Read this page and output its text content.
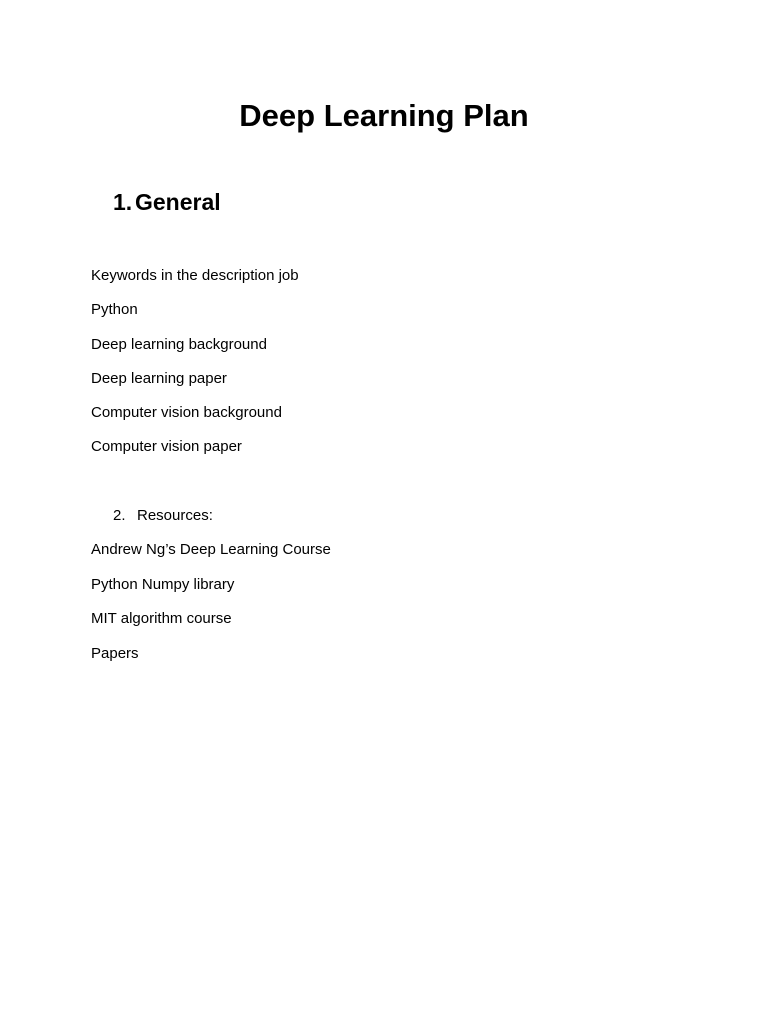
Deep Learning Plan
1. General
Keywords in the description job
Python
Deep learning background
Deep learning paper
Computer vision background
Computer vision paper
2. Resources:
Andrew Ng’s Deep Learning Course
Python Numpy library
MIT algorithm course
Papers
